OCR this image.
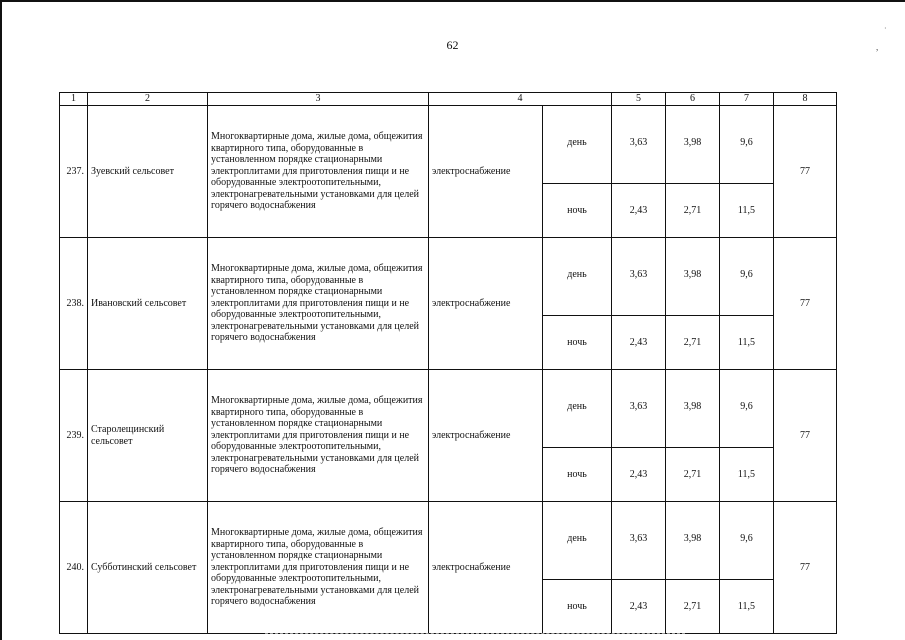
·
,
62
1	2	3	4		5	6	7	8
237.	Зуевский сельсовет	Многоквартирные дома, жилые дома, общежития квартирного типа, оборудованные в установленном порядке стационарными электроплитами для приготовления пищи и не оборудованные электроотопительными, электронагревательными установками для целей горячего водоснабжения	электроснабжение	день	3,63	3,98	9,6	77
				ночь	2,43	2,71	11,5	
238.	Ивановский сельсовет	Многоквартирные дома, жилые дома, общежития квартирного типа, оборудованные в установленном порядке стационарными электроплитами для приготовления пищи и не оборудованные электроотопительными, электронагревательными установками для целей горячего водоснабжения	электроснабжение	день	3,63	3,98	9,6	77
				ночь	2,43	2,71	11,5	
239.	Старолещинский сельсовет	Многоквартирные дома, жилые дома, общежития квартирного типа, оборудованные в установленном порядке стационарными электроплитами для приготовления пищи и не оборудованные электроотопительными, электронагревательными установками для целей горячего водоснабжения	электроснабжение	день	3,63	3,98	9,6	77
				ночь	2,43	2,71	11,5	
240.	Субботинский сельсовет	Многоквартирные дома, жилые дома, общежития квартирного типа, оборудованные в установленном порядке стационарными электроплитами для приготовления пищи и не оборудованные электроотопительными, электронагревательными установками для целей горячего водоснабжения	электроснабжение	день	3,63	3,98	9,6	77
				ночь	2,43	2,71	11,5	
